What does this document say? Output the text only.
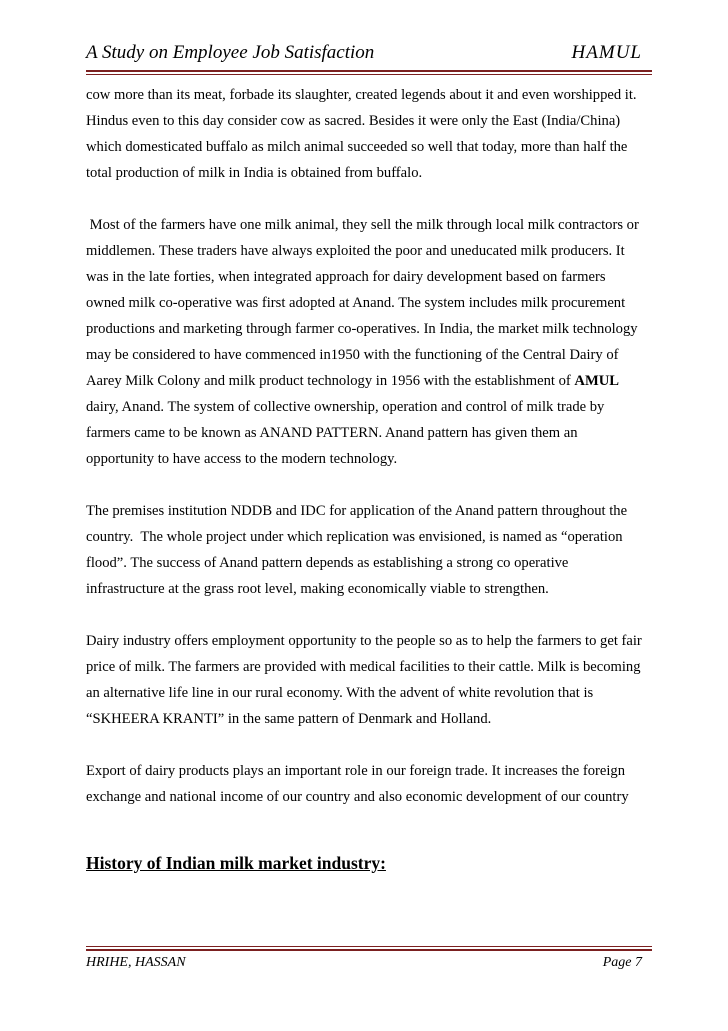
A Study on Employee Job Satisfaction	HAMUL

cow more than its meat, forbade its slaughter, created legends about it and even worshipped it.
Hindus even to this day consider cow as sacred. Besides it were only the East (India/China)
which domesticated buffalo as milch animal succeeded so well that today, more than half the
total production of milk in India is obtained from buffalo.

Most of the farmers have one milk animal, they sell the milk through local milk contractors or
middlemen. These traders have always exploited the poor and uneducated milk producers. It
was in the late forties, when integrated approach for dairy development based on farmers
owned milk co-operative was first adopted at Anand. The system includes milk procurement
productions and marketing through farmer co-operatives. In India, the market milk technology
may be considered to have commenced in1950 with the functioning of the Central Dairy of
Aarey Milk Colony and milk product technology in 1956 with the establishment of AMUL
dairy, Anand. The system of collective ownership, operation and control of milk trade by
farmers came to be known as ANAND PATTERN. Anand pattern has given them an
opportunity to have access to the modern technology.

The premises institution NDDB and IDC for application of the Anand pattern throughout the
country.  The whole project under which replication was envisioned, is named as “operation
flood”. The success of Anand pattern depends as establishing a strong co operative
infrastructure at the grass root level, making economically viable to strengthen.

Dairy industry offers employment opportunity to the people so as to help the farmers to get fair
price of milk. The farmers are provided with medical facilities to their cattle. Milk is becoming
an alternative life line in our rural economy. With the advent of white revolution that is
“SKHEERA KRANTI” in the same pattern of Denmark and Holland.

Export of dairy products plays an important role in our foreign trade. It increases the foreign
exchange and national income of our country and also economic development of our country

History of Indian milk market industry:
HRIHE, HASSAN	Page 7
